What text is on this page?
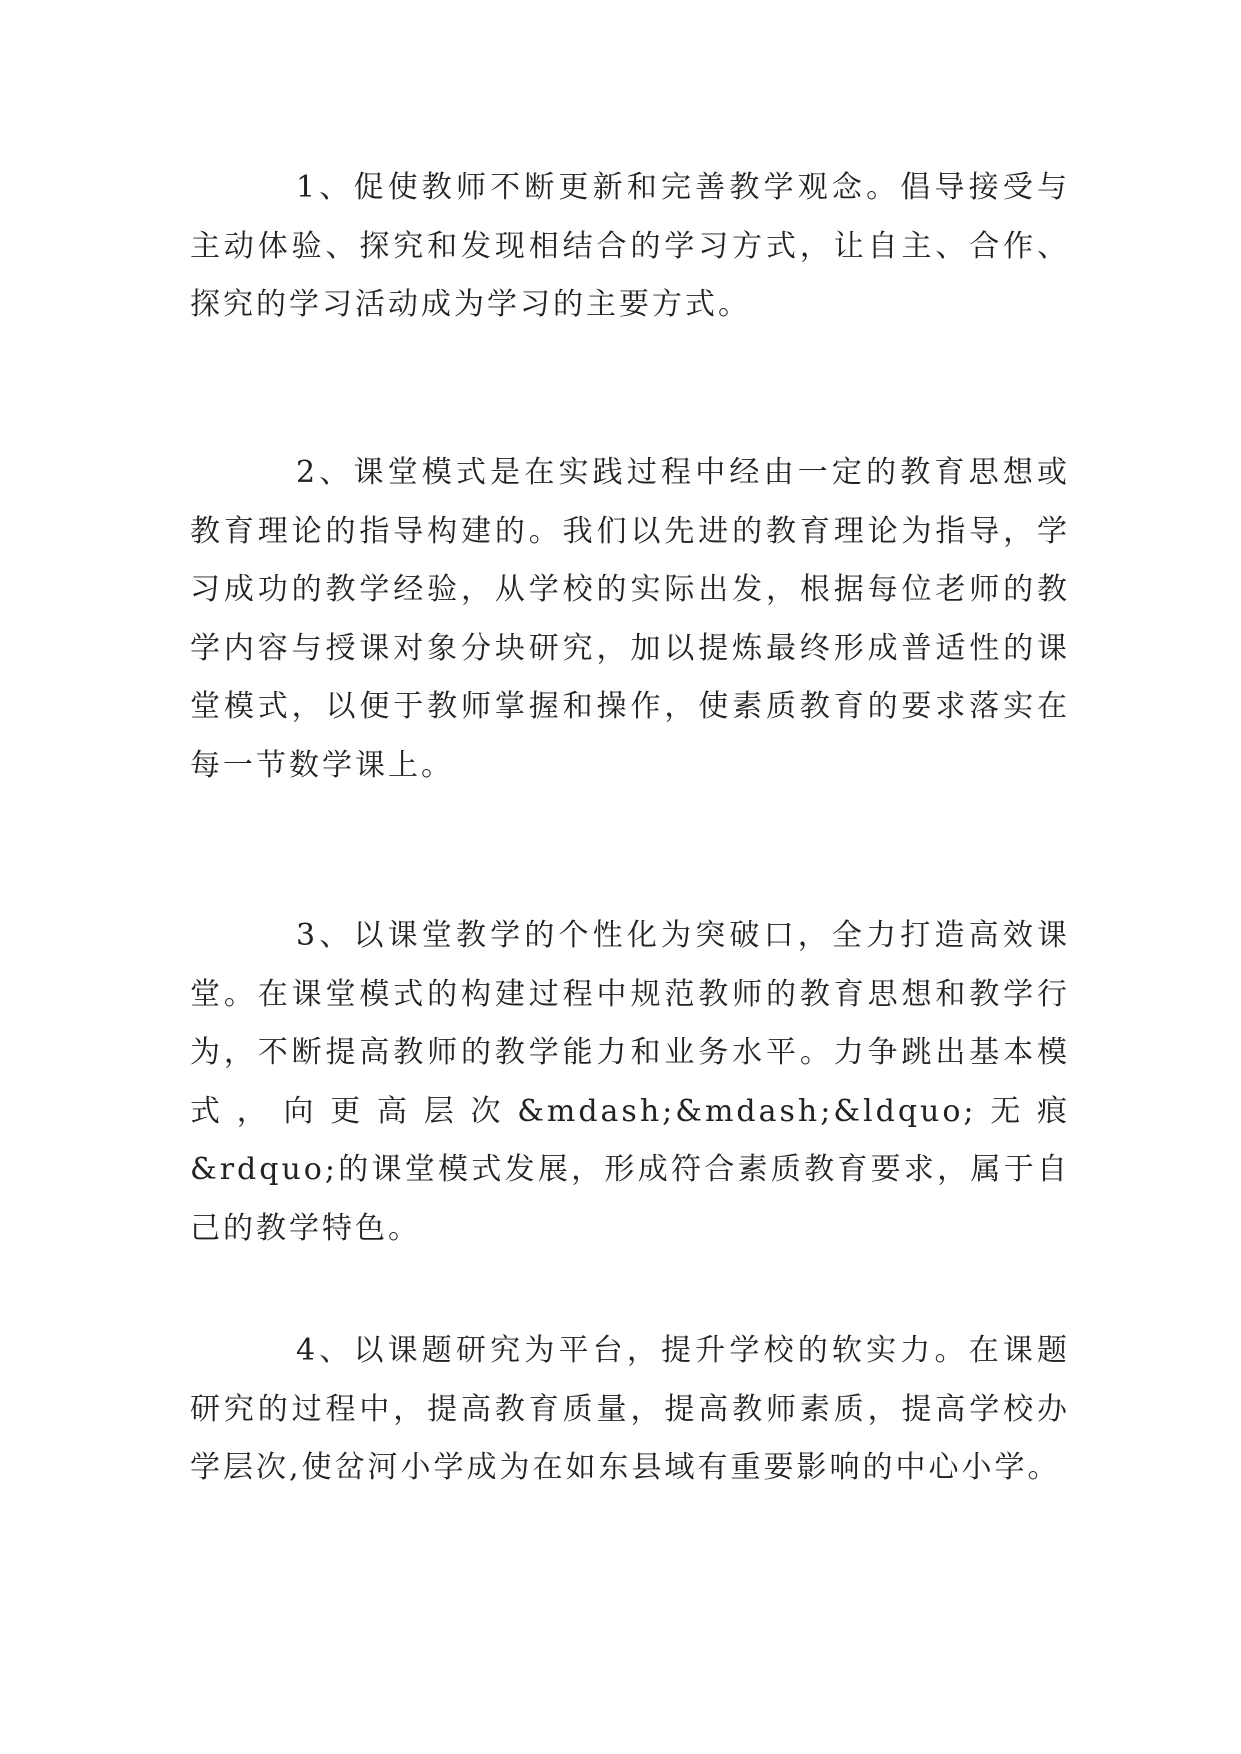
1、促使教师不断更新和完善教学观念。倡导接受与主动体验、探究和发现相结合的学习方式，让自主、合作、探究的学习活动成为学习的主要方式。

2、课堂模式是在实践过程中经由一定的教育思想或教育理论的指导构建的。我们以先进的教育理论为指导，学习成功的教学经验，从学校的实际出发，根据每位老师的教学内容与授课对象分块研究，加以提炼最终形成普适性的课堂模式，以便于教师掌握和操作，使素质教育的要求落实在每一节数学课上。

3、以课堂教学的个性化为突破口，全力打造高效课堂。在课堂模式的构建过程中规范教师的教育思想和教学行为，不断提高教师的教学能力和业务水平。力争跳出基本模式，向更高层次&mdash;&mdash;&ldquo;无痕&rdquo;的课堂模式发展，形成符合素质教育要求，属于自己的教学特色。

4、以课题研究为平台，提升学校的软实力。在课题研究的过程中，提高教育质量，提高教师素质，提高学校办学层次,使岔河小学成为在如东县域有重要影响的中心小学。
